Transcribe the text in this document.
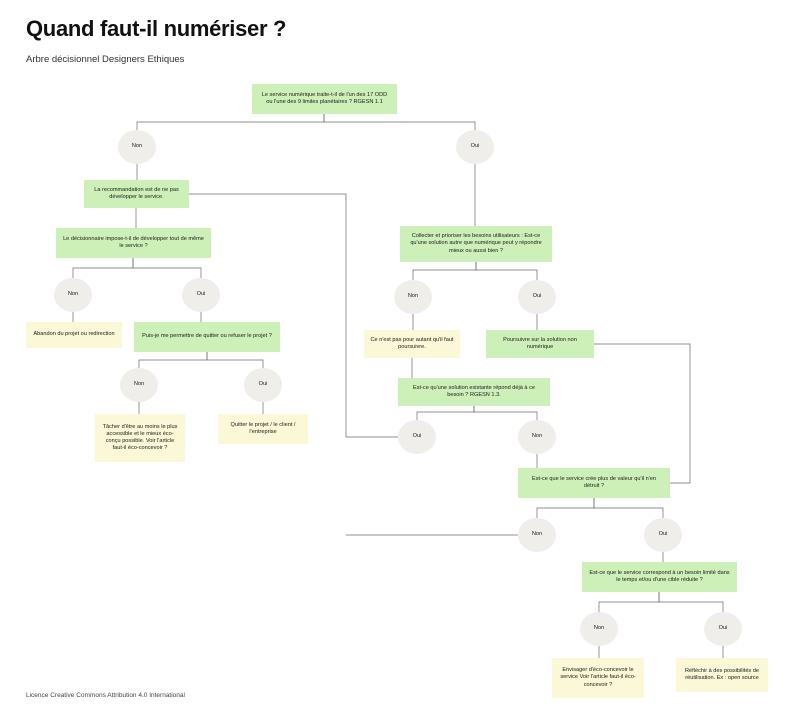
Quand faut-il numériser ?
Arbre décisionnel Designers Ethiques
Le service numérique traite-t-il de l'un des 17 ODD ou l'une des 9 limites planétaires ? RGESN 1.1
Non	Oui
La recommandation est de ne pas développer le service.
Le décisionnaire impose-t-il de développer tout de même le service ?
Non	Oui
Abandon du projet ou redirection	Puis-je me permettre de quitter ou refuser le projet ?
Non	Oui
Tâcher d'être au moins le plus accessible et le mieux éco-conçu possible. Voir l'article faut-il éco-concevoir ?
Quitter le projet / le client / l'entreprise
Collecter et prioriser les besoins utilisateurs : Est-ce qu'une solution autre que numérique peut y répondre mieux ou aussi bien ?
Non	Oui
Ce n'est pas pour autant qu'il faut poursuivre.
Poursuivre sur la solution non numérique
Est-ce qu'une solution existante répond déjà à ce besoin ? RGESN 1.3.
Oui	Non
Est-ce que le service crée plus de valeur qu'il n'en détruit ?
Non	Oui
Est-ce que le service correspond à un besoin limité dans le temps et/ou d'une cible réduite ?
Non	Oui
Envisager d'éco-concevoir le service Voir l'article faut-il éco-concevoir ?
Réfléchir à des possibilités de réutilisation. Ex : open source
Licence Creative Commons Attribution 4.0 International
